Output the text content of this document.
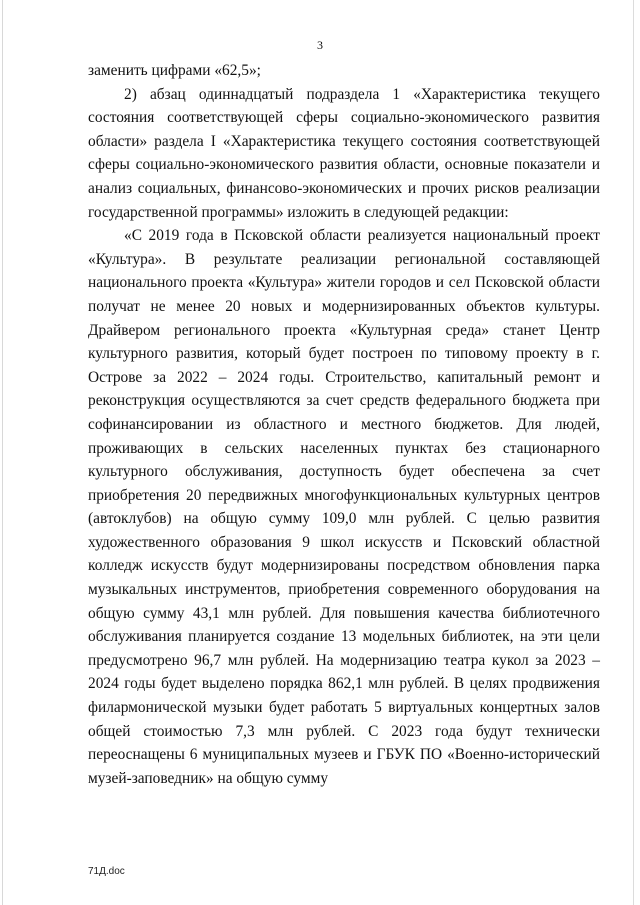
3

заменить цифрами «62,5»;

2) абзац одиннадцатый подраздела 1 «Характеристика текущего состояния соответствующей сферы социально-экономического развития области» раздела I «Характеристика текущего состояния соответствующей сферы социально-экономического развития области, основные показатели и анализ социальных, финансово-экономических и прочих рисков реализации государственной программы» изложить в следующей редакции:

«С 2019 года в Псковской области реализуется национальный проект «Культура». В результате реализации региональной составляющей национального проекта «Культура» жители городов и сел Псковской области получат не менее 20 новых и модернизированных объектов культуры. Драйвером регионального проекта «Культурная среда» станет Центр культурного развития, который будет построен по типовому проекту в г. Острове за 2022 – 2024 годы. Строительство, капитальный ремонт и реконструкция осуществляются за счет средств федерального бюджета при софинансировании из областного и местного бюджетов. Для людей, проживающих в сельских населенных пунктах без стационарного культурного обслуживания, доступность будет обеспечена за счет приобретения 20 передвижных многофункциональных культурных центров (автоклубов) на общую сумму 109,0 млн рублей. С целью развития художественного образования 9 школ искусств и Псковский областной колледж искусств будут модернизированы посредством обновления парка музыкальных инструментов, приобретения современного оборудования на общую сумму 43,1 млн рублей. Для повышения качества библиотечного обслуживания планируется создание 13 модельных библиотек, на эти цели предусмотрено 96,7 млн рублей. На модернизацию театра кукол за 2023 – 2024 годы будет выделено порядка 862,1 млн рублей. В целях продвижения филармонической музыки будет работать 5 виртуальных концертных залов общей стоимостью 7,3 млн рублей. С 2023 года будут технически переоснащены 6 муниципальных музеев и ГБУК ПО «Военно-исторический музей-заповедник» на общую сумму

71Д.doc
